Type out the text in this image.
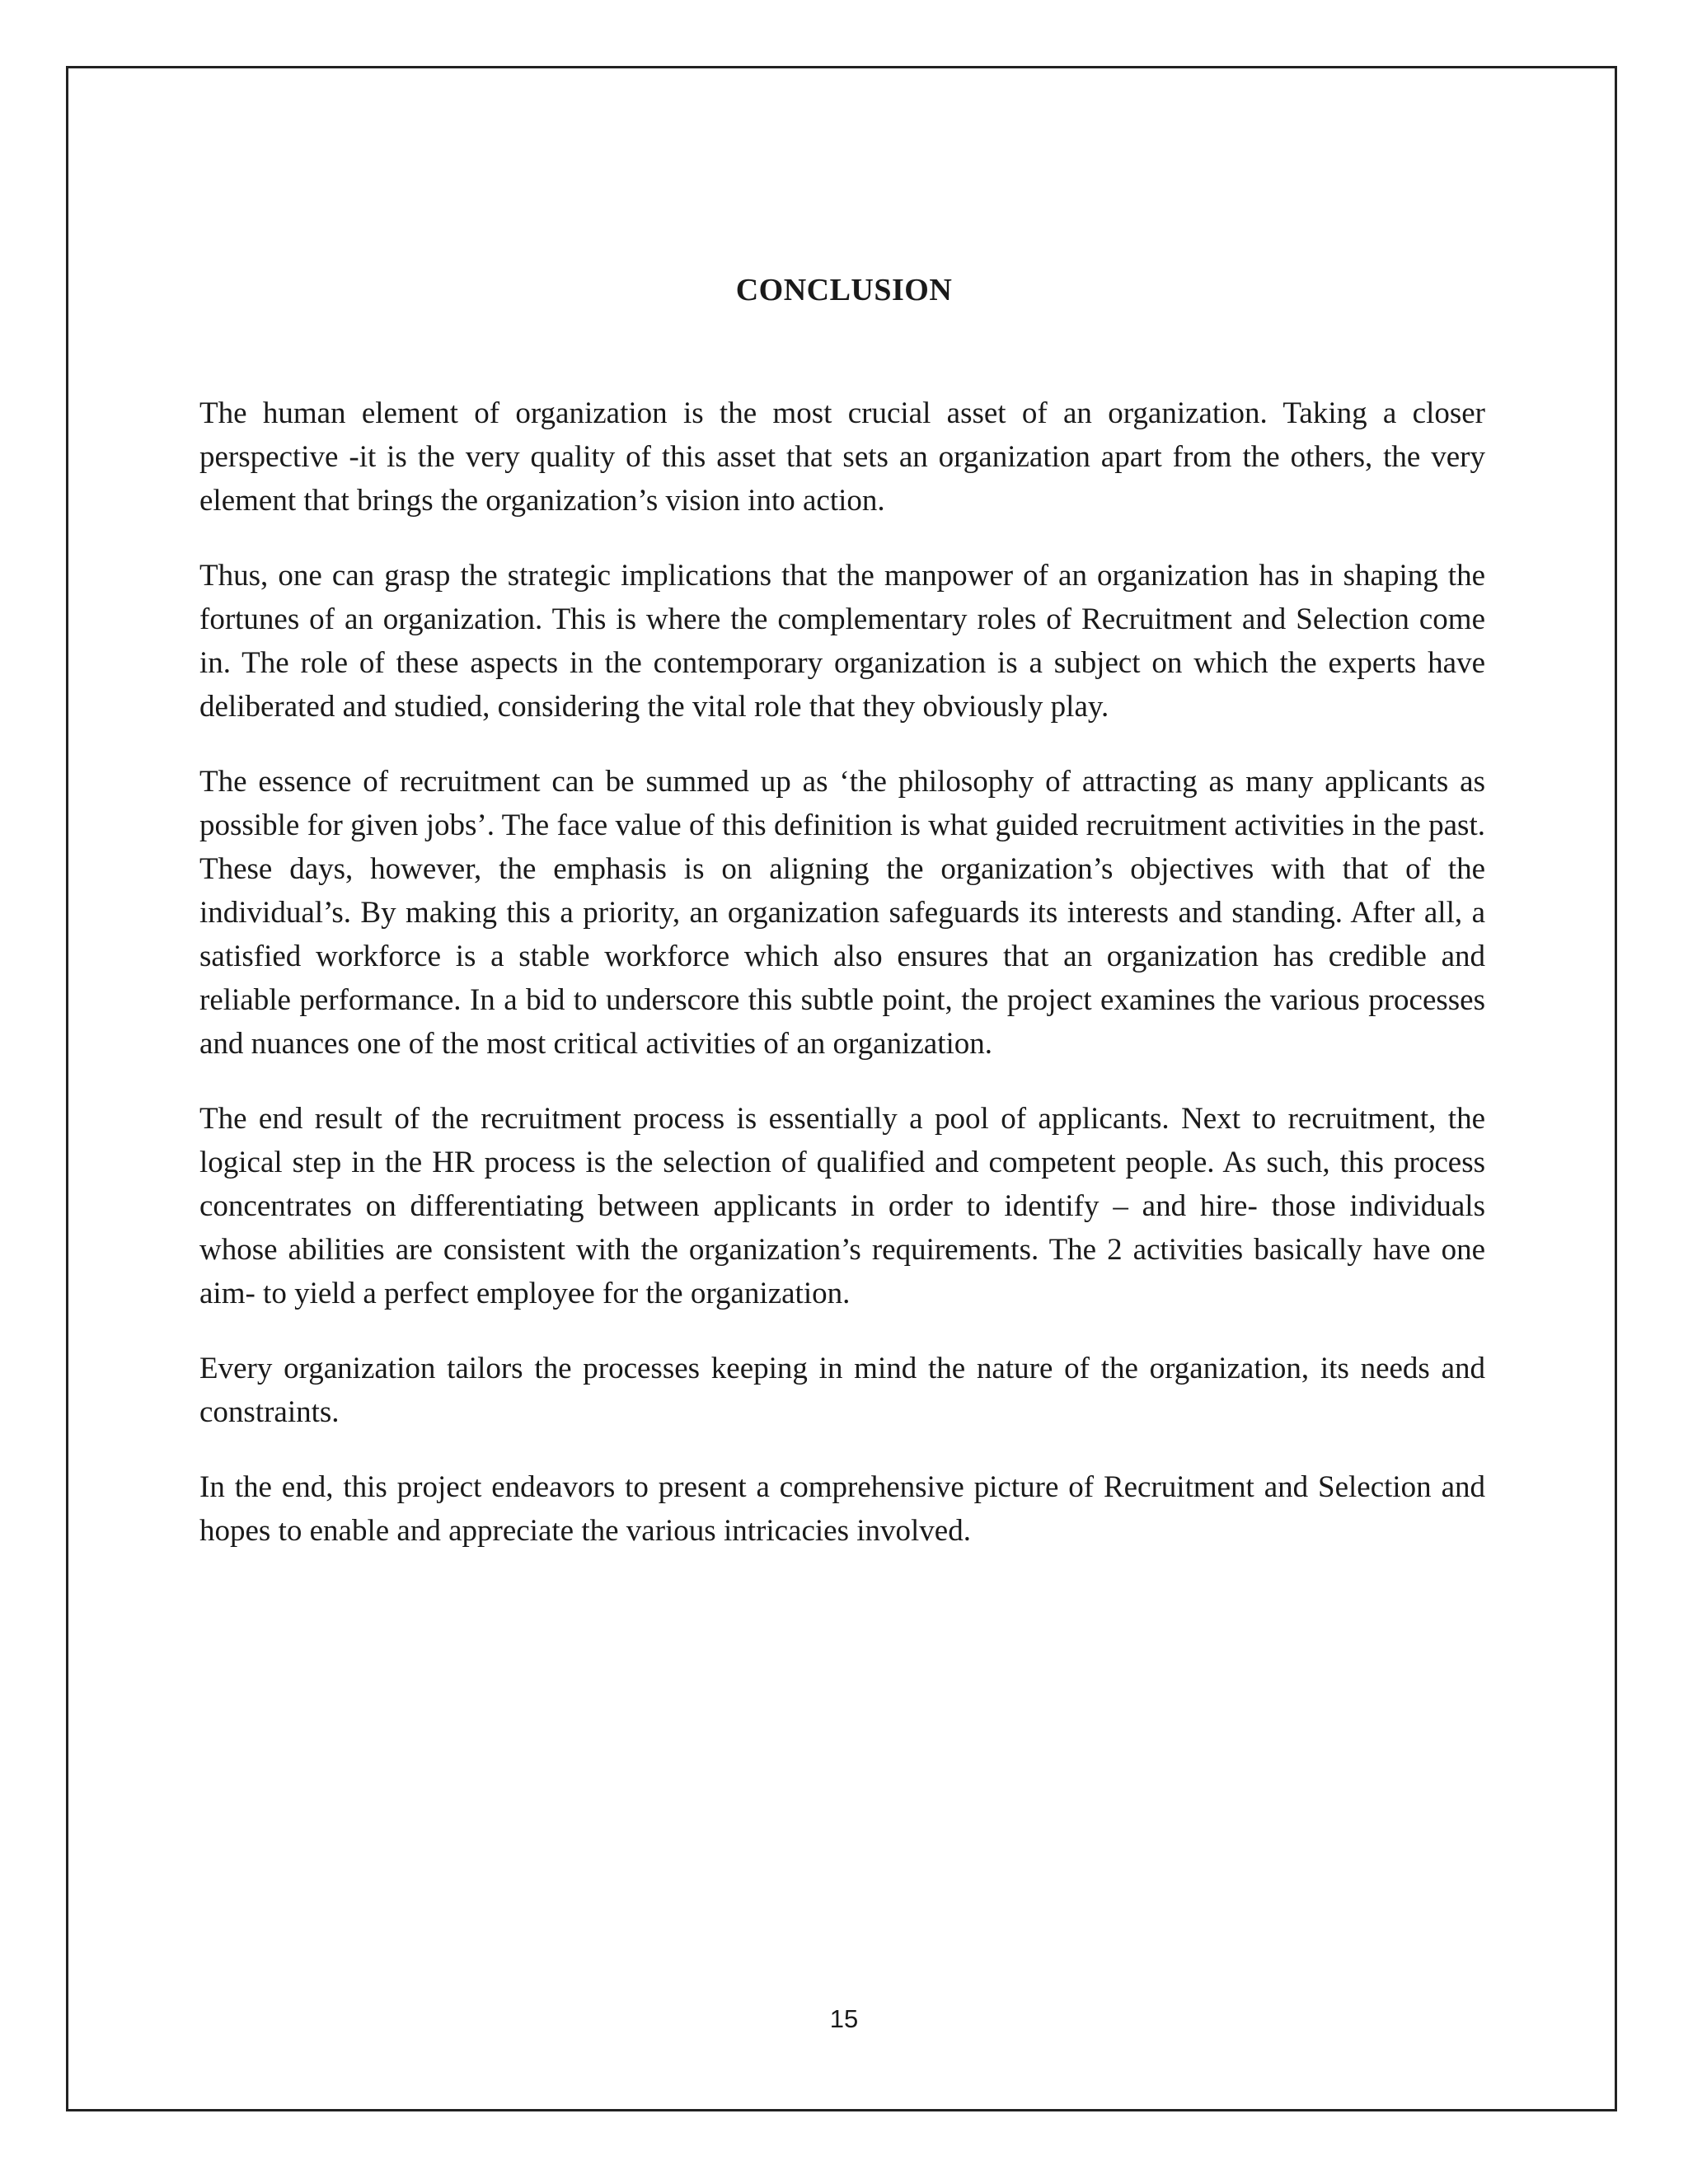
CONCLUSION

The human element of organization is the most crucial asset of an organization. Taking a closer perspective -it is the very quality of this asset that sets an organization apart from the others, the very element that brings the organization’s vision into action.

Thus, one can grasp the strategic implications that the manpower of an organization has in shaping the fortunes of an organization. This is where the complementary roles of Recruitment and Selection come in. The role of these aspects in the contemporary organization is a subject on which the experts have deliberated and studied, considering the vital role that they obviously play.

The essence of recruitment can be summed up as ‘the philosophy of attracting as many applicants as possible for given jobs’. The face value of this definition is what guided recruitment activities in the past. These days, however, the emphasis is on aligning the organization’s objectives with that of the individual’s. By making this a priority, an organization safeguards its interests and standing. After all, a satisfied workforce is a stable workforce which also ensures that an organization has credible and reliable performance. In a bid to underscore this subtle point, the project examines the various processes and nuances one of the most critical activities of an organization.

The end result of the recruitment process is essentially a pool of applicants. Next to recruitment, the logical step in the HR process is the selection of qualified and competent people. As such, this process concentrates on differentiating between applicants in order to identify – and hire- those individuals whose abilities are consistent with the organization’s requirements. The 2 activities basically have one aim- to yield a perfect employee for the organization.

Every organization tailors the processes keeping in mind the nature of the organization, its needs and constraints.

In the end, this project endeavors to present a comprehensive picture of Recruitment and Selection and hopes to enable and appreciate the various intricacies involved.

15
